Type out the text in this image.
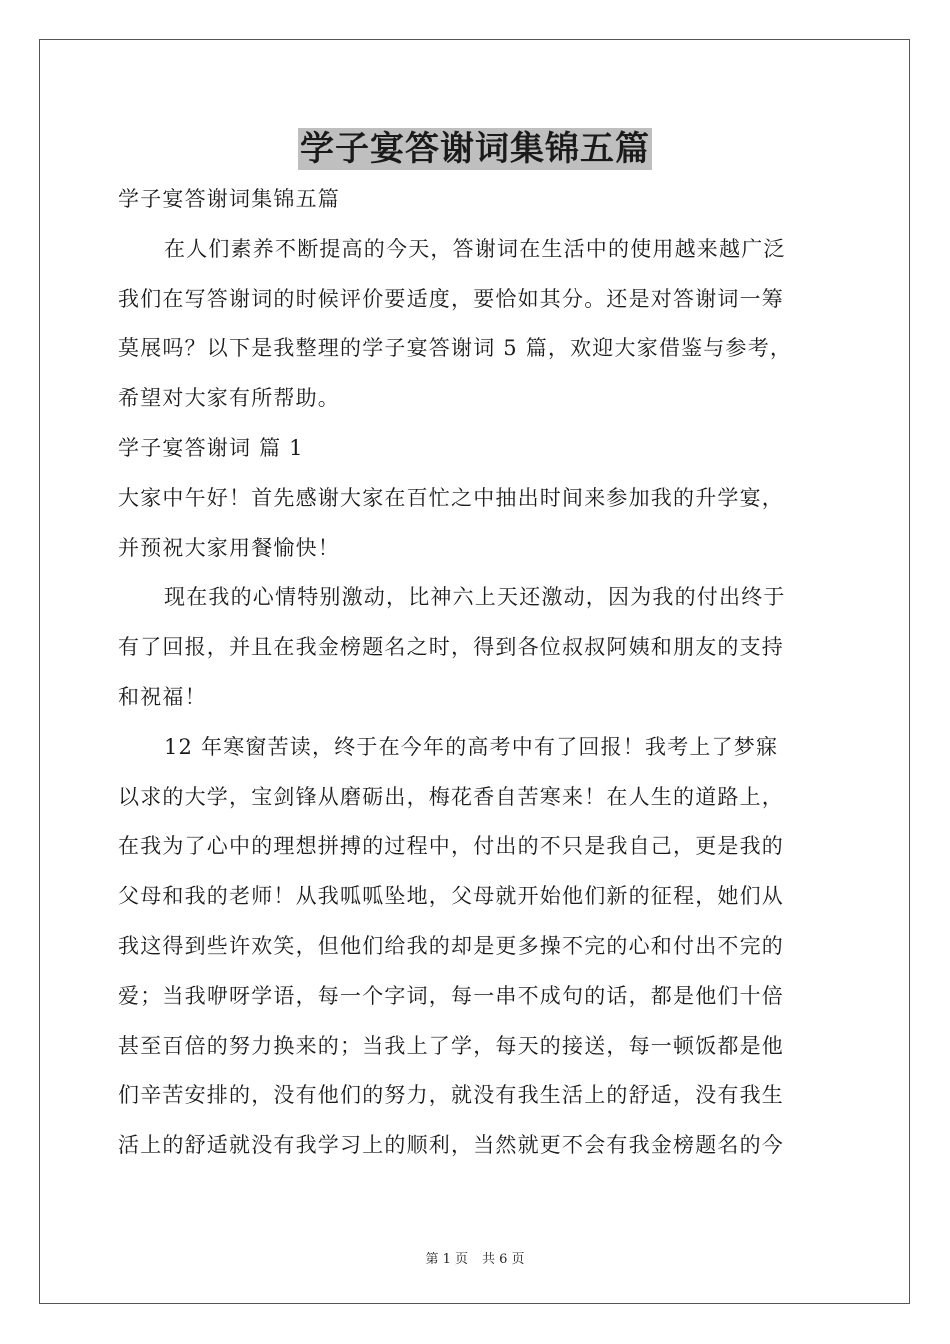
学子宴答谢词集锦五篇
学子宴答谢词集锦五篇
在人们素养不断提高的今天，答谢词在生活中的使用越来越广泛
我们在写答谢词的时候评价要适度，要恰如其分。还是对答谢词一筹
莫展吗？以下是我整理的学子宴答谢词 5 篇，欢迎大家借鉴与参考，
希望对大家有所帮助。
学子宴答谢词 篇 1
大家中午好！首先感谢大家在百忙之中抽出时间来参加我的升学宴，
并预祝大家用餐愉快！
现在我的心情特别激动，比神六上天还激动，因为我的付出终于
有了回报，并且在我金榜题名之时，得到各位叔叔阿姨和朋友的支持
和祝福！
12 年寒窗苦读，终于在今年的高考中有了回报！我考上了梦寐
以求的大学，宝剑锋从磨砺出，梅花香自苦寒来！在人生的道路上，
在我为了心中的理想拼搏的过程中，付出的不只是我自己，更是我的
父母和我的老师！从我呱呱坠地，父母就开始他们新的征程，她们从
我这得到些许欢笑，但他们给我的却是更多操不完的心和付出不完的
爱；当我咿呀学语，每一个字词，每一串不成句的话，都是他们十倍
甚至百倍的努力换来的；当我上了学，每天的接送，每一顿饭都是他
们辛苦安排的，没有他们的努力，就没有我生活上的舒适，没有我生
活上的舒适就没有我学习上的顺利，当然就更不会有我金榜题名的今
第 1 页 共 6 页
